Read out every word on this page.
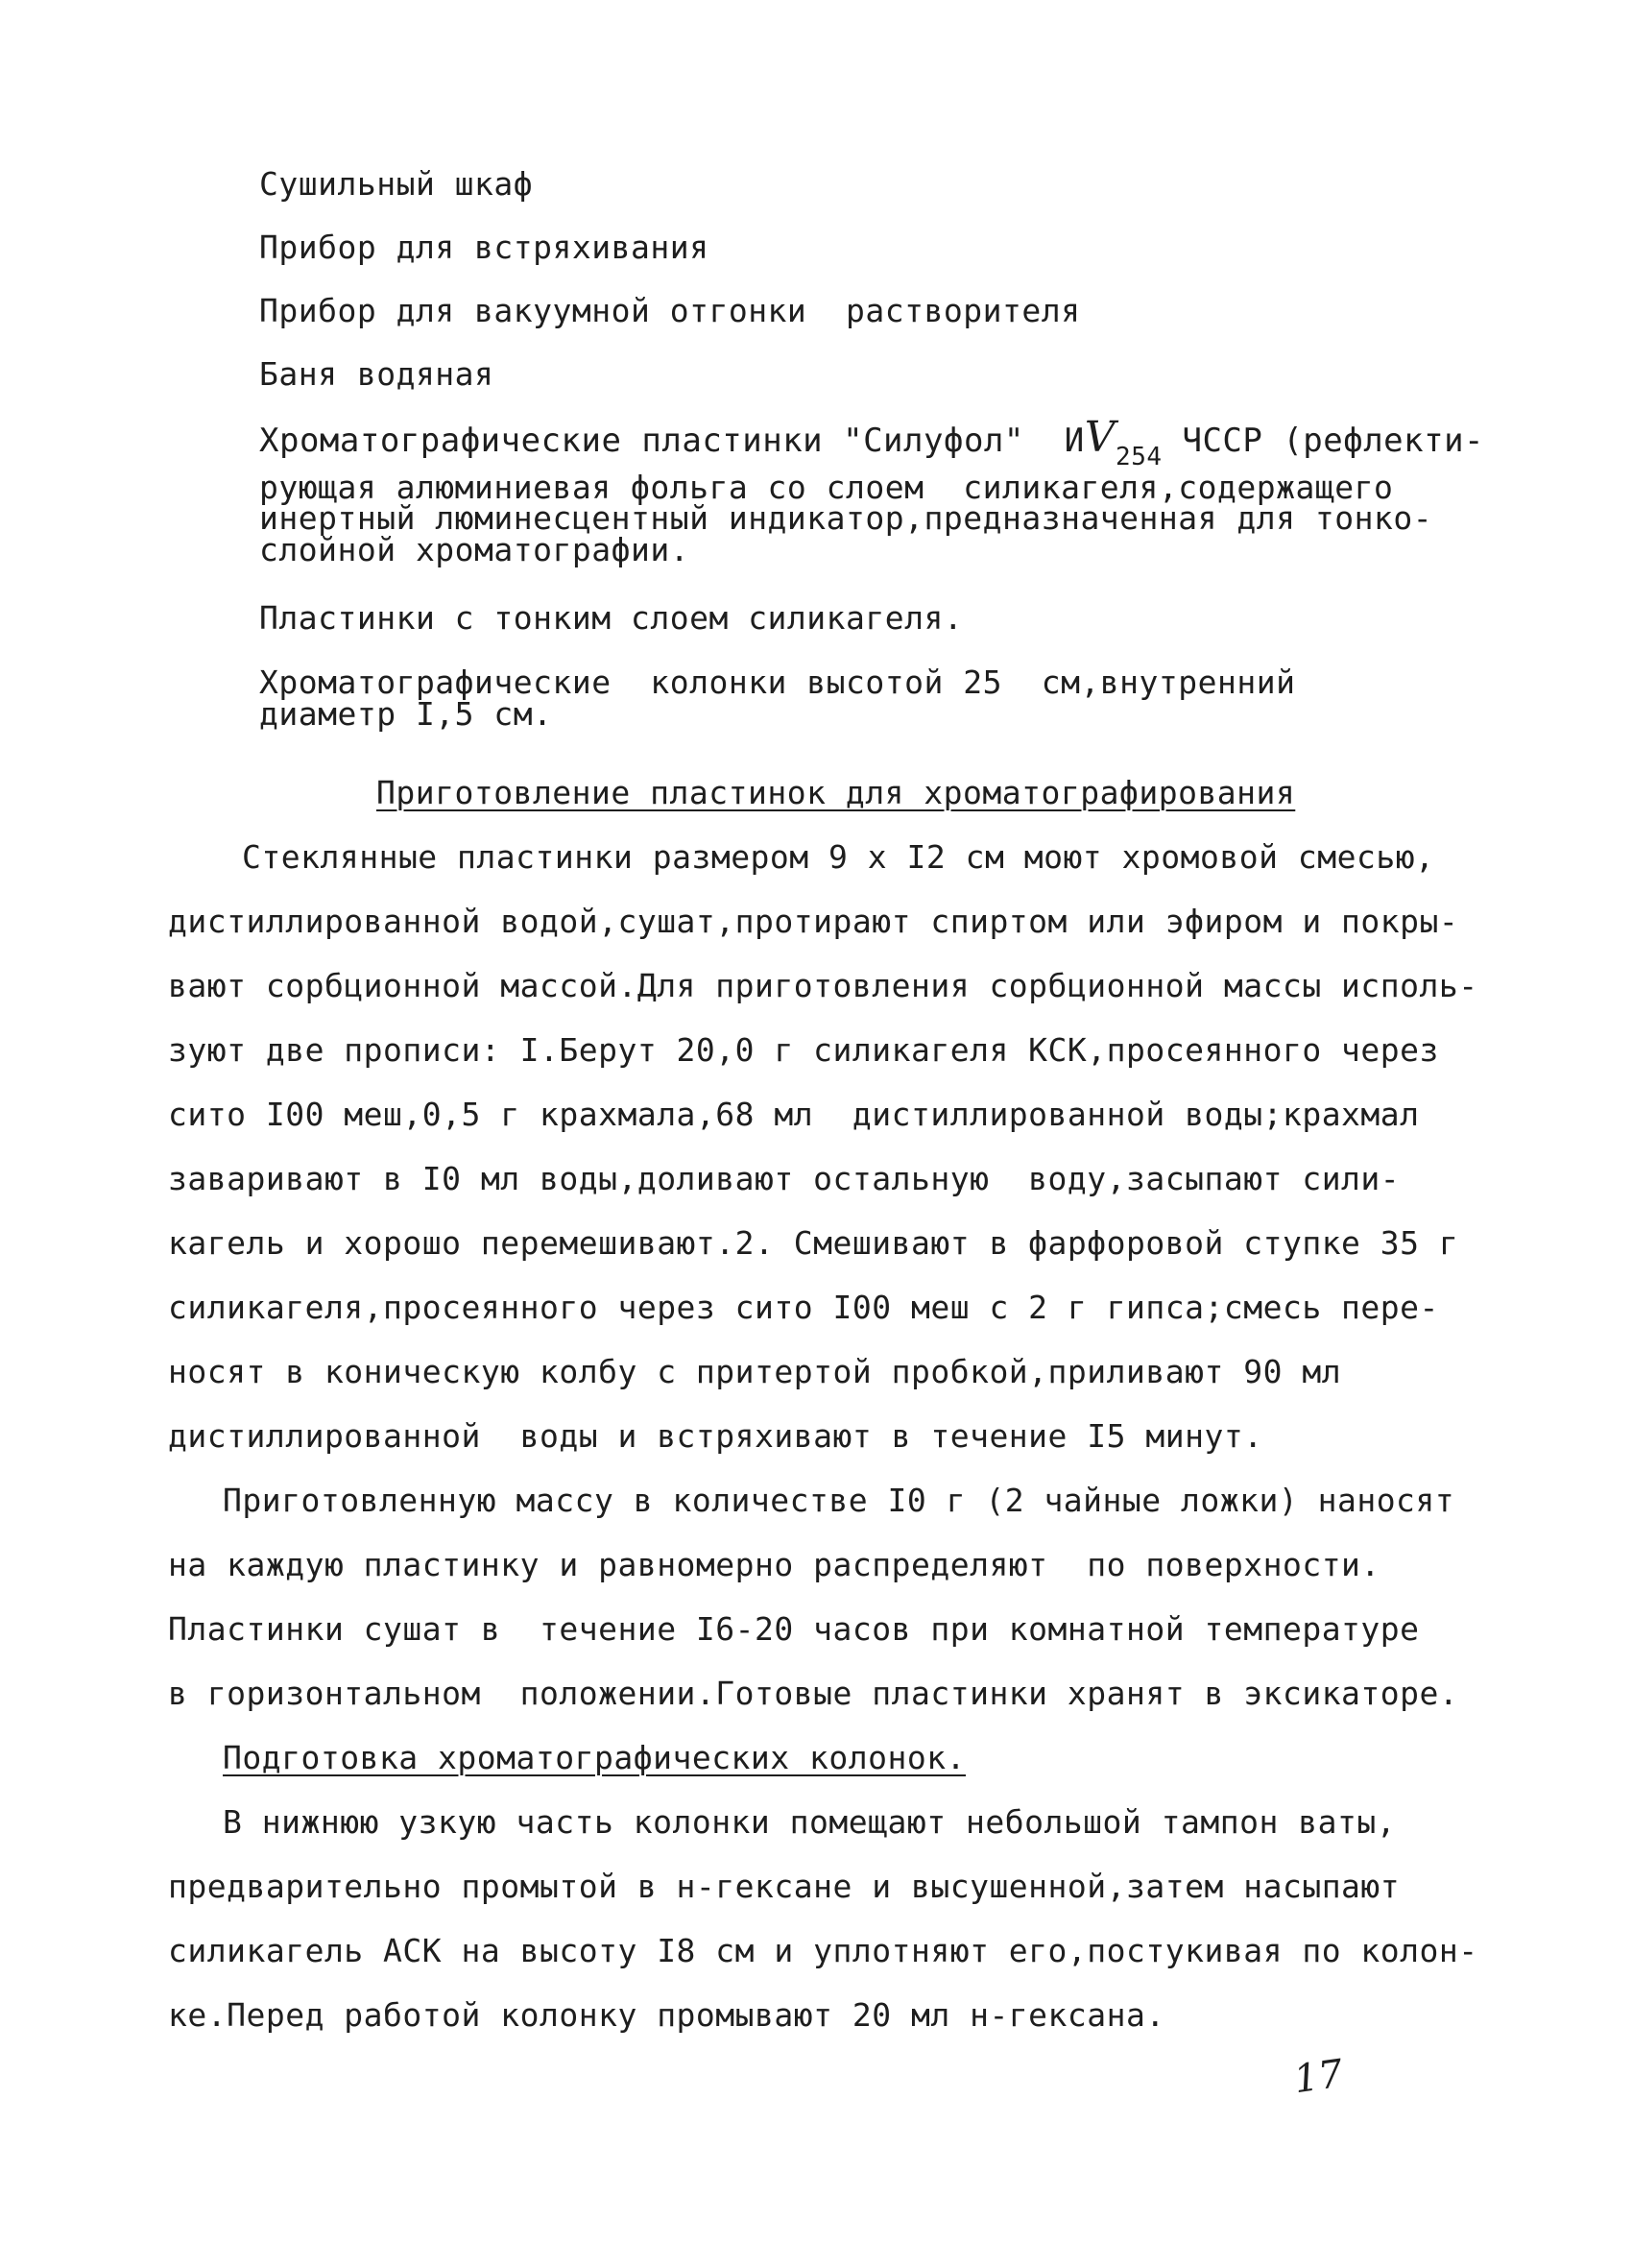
Сушильный шкаф
Прибор для встряхивания
Прибор для вакуумной отгонки  растворителя
Баня водяная
Хроматографические пластинки "Силуфол"  $ИV_{254}$ ЧССР (рефлекти-
рующая алюминиевая фольга со слоем  силикагеля,содержащего
инертный люминесцентный индикатор,предназначенная для тонко-
слойной хроматографии.
Пластинки с тонким слоем силикагеля.
Хроматографические  колонки высотой 25  см,внутренний
диаметр I,5 см.
Приготовление пластинок для хроматографирования
Стеклянные пластинки размером 9 х I2 см моют хромовой смесью,
дистиллированной водой,сушат,протирают спиртом или эфиром и покры-
вают сорбционной массой.Для приготовления сорбционной массы исполь-
зуют две прописи: I.Берут 20,0 г силикагеля КСК,просеянного через
сито I00 меш,0,5 г крахмала,68 мл  дистиллированной воды;крахмал
заваривают в I0 мл воды,доливают остальную  воду,засыпают сили-
кагель и хорошо перемешивают.2. Смешивают в фарфоровой ступке 35 г
силикагеля,просеянного через сито I00 меш с 2 г гипса;смесь пере-
носят в коническую колбу с притертой пробкой,приливают 90 мл
дистиллированной  воды и встряхивают в течение I5 минут.
Приготовленную массу в количестве I0 г (2 чайные ложки) наносят
на каждую пластинку и равномерно распределяют  по поверхности.
Пластинки сушат в  течение I6-20 часов при комнатной температуре
в горизонтальном  положении.Готовые пластинки хранят в эксикаторе.
Подготовка хроматографических колонок.
В нижнюю узкую часть колонки помещают небольшой тампон ваты,
предварительно промытой в н-гексане и высушенной,затем насыпают
силикагель АСК на высоту I8 см и уплотняют его,постукивая по колон-
ке.Перед работой колонку промывают 20 мл н-гексана.
17
